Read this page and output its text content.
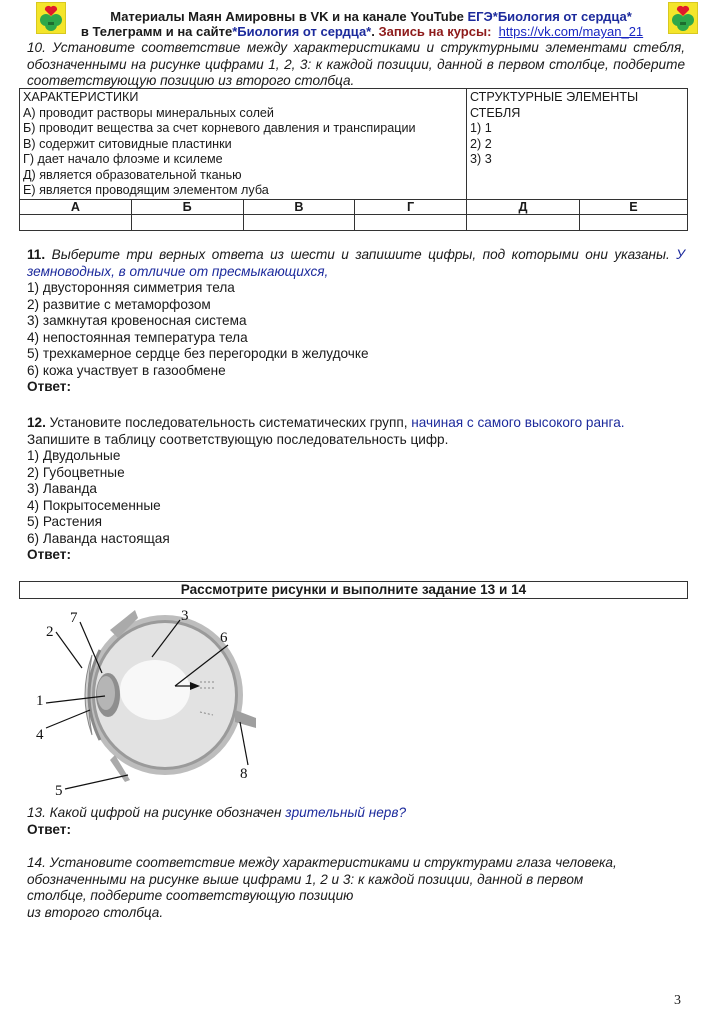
Материалы Маян Амировны в VK и на канале YouTube ЕГЭ*Биология от сердца*
в Телеграмм и на сайте*Биология от сердца*. Запись на курсы: https://vk.com/mayan_21
10. Установите соответствие между характеристиками и структурными элементами стебля, обозначенными на рисунке цифрами 1, 2, 3: к каждой позиции, данной в первом столбце, подберите соответствующую позицию из второго столбца.
ХАРАКТЕРИСТИКИ
А) проводит растворы минеральных солей
Б) проводит вещества за счет корневого давления и транспирации
В) содержит ситовидные пластинки
Г) дает начало флоэме и ксилеме
Д) является образовательной тканью
Е) является проводящим элементом луба

СТРУКТУРНЫЕ ЭЛЕМЕНТЫ
СТЕБЛЯ
1) 1
2) 2
3) 3

А	Б	В	Г	Д	Е

11. Выберите три верных ответа из шести и запишите цифры, под которыми они указаны. У земноводных, в отличие от пресмыкающихся,
1) двусторонняя симметрия тела
2) развитие с метаморфозом
3) замкнутая кровеносная система
4) непостоянная температура тела
5) трехкамерное сердце без перегородки в желудочке
6) кожа участвует в газообмене
Ответ:
12. Установите последовательность систематических групп, начиная с самого высокого ранга.
Запишите в таблицу соответствующую последовательность цифр.
1) Двудольные
2) Губоцветные
3) Лаванда
4) Покрытосеменные
5) Растения
6) Лаванда настоящая
Ответ:
Рассмотрите рисунки и выполните задание 13 и 14
1
2
3
4
5
6
7
8
13. Какой цифрой на рисунке обозначен зрительный нерв?
Ответ:
14. Установите соответствие между характеристиками и структурами глаза человека,
обозначенными на рисунке выше цифрами 1, 2 и 3: к каждой позиции, данной в первом
столбце, подберите соответствующую позицию
из второго столбца.
3
